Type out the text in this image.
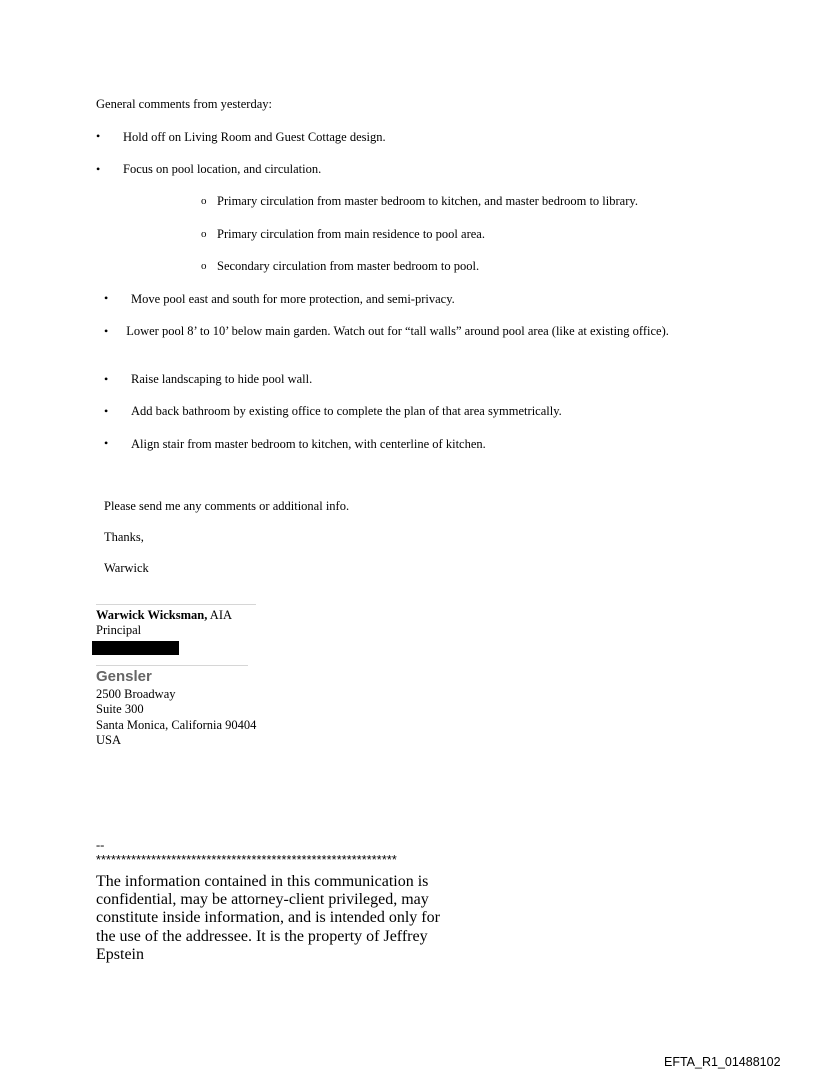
General comments from yesterday:
• Hold off on Living Room and Guest Cottage design.
• Focus on pool location, and circulation.
o Primary circulation from master bedroom to kitchen, and master bedroom to library.
o Primary circulation from main residence to pool area.
o Secondary circulation from master bedroom to pool.
• Move pool east and south for more protection, and semi-privacy.
• Lower pool 8’ to 10’ below main garden. Watch out for “tall walls” around pool area (like at existing office).
• Raise landscaping to hide pool wall.
• Add back bathroom by existing office to complete the plan of that area symmetrically.
• Align stair from master bedroom to kitchen, with centerline of kitchen.
Please send me any comments or additional info.
Thanks,
Warwick
Warwick Wicksman, AIA
Principal
Gensler
2500 Broadway
Suite 300
Santa Monica, California 90404
USA
--
************************************************************
The information contained in this communication is confidential, may be attorney-client privileged, may constitute inside information, and is intended only for the use of the addressee. It is the property of Jeffrey Epstein
EFTA_R1_01488102
